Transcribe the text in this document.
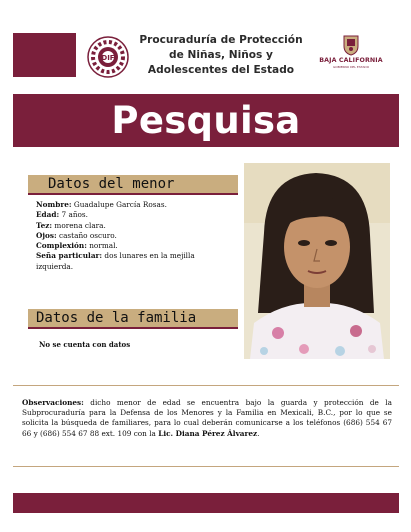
DIF
Procuraduría de Protección
de Niñas, Niños y
Adolescentes del Estado
BAJA CALIFORNIA
GOBIERNO DEL ESTADO
Pesquisa
Datos del menor

Nombre: Guadalupe García Rosas.

Edad: 7 años.

Tez: morena clara.

Ojos: castaño oscuro.

Complexión: normal.

Seña particular: dos lunares en la mejilla izquierda.

Datos de la familia
No se cuenta con datos
Observaciones: dicho menor de edad se encuentra bajo la guarda y protección de la Subprocuraduría para la Defensa de los Menores y la Familia en Mexicali, B.C., por lo que se solicita la búsqueda de familiares, para lo cual deberán comunicarse a los teléfonos (686) 554 67 66 y (686) 554 67 88 ext. 109 con la Lic. Diana Pérez Álvarez.
